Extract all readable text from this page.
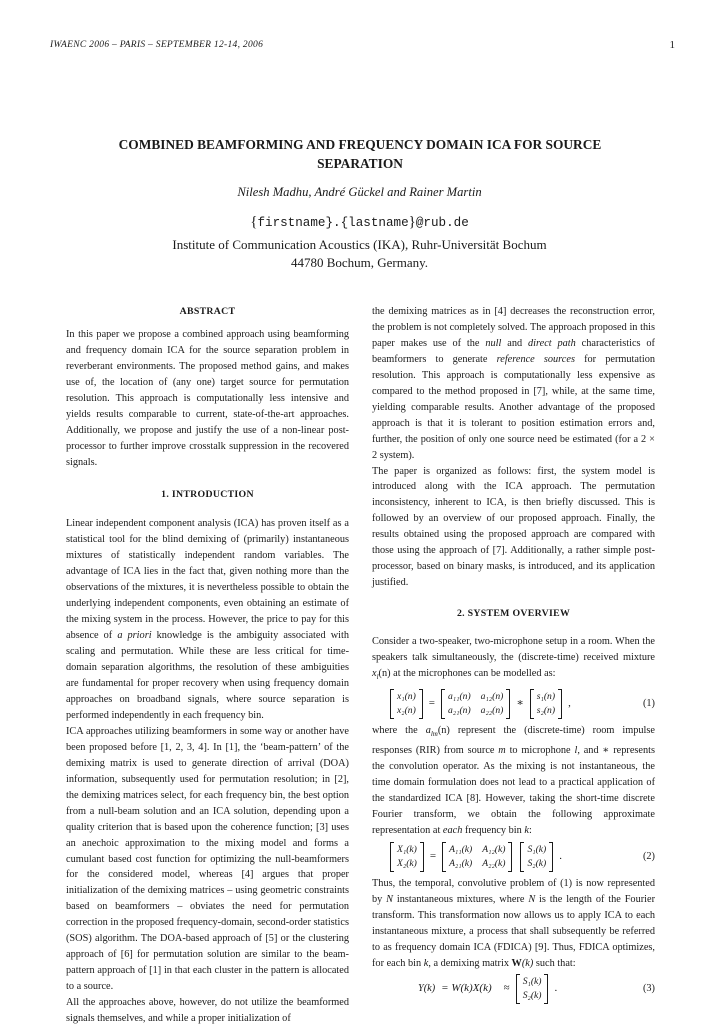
IWAENC 2006 – PARIS – SEPTEMBER 12-14, 2006	1
COMBINED BEAMFORMING AND FREQUENCY DOMAIN ICA FOR SOURCE
SEPARATION
Nilesh Madhu, André Gückel and Rainer Martin
{firstname}.{lastname}@rub.de
Institute of Communication Acoustics (IKA), Ruhr-Universität Bochum
44780 Bochum, Germany.

ABSTRACT

In this paper we propose a combined approach using beamforming and frequency domain ICA for the source separation problem in reverberant environments. The proposed method gains, and makes use of, the location of (any one) target source for permutation resolution. This approach is computationally less intensive and yields results comparable to current, state-of-the-art approaches. Additionally, we propose and justify the use of a non-linear post-processor to further improve crosstalk suppression in the recovered signals.

1. INTRODUCTION

Linear independent component analysis (ICA) has proven itself as a statistical tool for the blind demixing of (primarily) instantaneous mixtures of statistically independent random variables. The advantage of ICA lies in the fact that, given nothing more than the observations of the mixtures, it is nevertheless possible to obtain the underlying independent components, even obtaining an estimate of the mixing system in the process. However, the price to pay for this absence of a priori knowledge is the ambiguity associated with scaling and permutation. While these are less critical for time-domain separation algorithms, the resolution of these ambiguities are fundamental for proper recovery when using frequency domain approaches on broadband signals, where source separation is performed independently in each frequency bin.

ICA approaches utilizing beamformers in some way or another have been proposed before [1, 2, 3, 4]. In [1], the ‘beam-pattern’ of the demixing matrix is used to generate direction of arrival (DOA) information, subsequently used for permutation resolution; in [2], the demixing matrices select, for each frequency bin, the best option from a null-beam solution and an ICA solution, depending upon a quality criterion that is based upon the coherence function; [3] uses an anechoic approximation to the mixing model and forms a cumulant based cost function for optimizing the null-beamformers for the considered model, whereas [4] argues that proper initialization of the demixing matrices – using geometric constraints based on beamformers – obviates the need for permutation correction in the proposed frequency-domain, second-order statistics (SOS) algorithm. The DOA-based approach of [5] or the clustering approach of [6] for permutation solution are similar to the beam-pattern approach of [1] in that each cluster in the pattern is allocated to a source.

All the approaches above, however, do not utilize the beamformed signals themselves, and while a proper initialization of

the demixing matrices as in [4] decreases the reconstruction error, the problem is not completely solved. The approach proposed in this paper makes use of the null and direct path characteristics of beamformers to generate reference sources for permutation resolution. This approach is computationally less expensive as compared to the method proposed in [7], while, at the same time, yielding comparable results. Another advantage of the proposed approach is that it is tolerant to position estimation errors and, further, the position of only one source need be estimated (for a 2 × 2 system).

The paper is organized as follows: first, the system model is introduced along with the ICA approach. The permutation inconsistency, inherent to ICA, is then briefly discussed. This is followed by an overview of our proposed approach. Finally, the results obtained using the proposed approach are compared with those using the approach of [7]. Additionally, a rather simple post-processor, based on binary masks, is introduced, and its application justified.

2. SYSTEM OVERVIEW

Consider a two-speaker, two-microphone setup in a room. When the speakers talk simultaneously, the (discrete-time) received mixture $x_l(n)$ at the microphones can be modelled as:

x₁(n)
x₂(n)
=
a₁₁(n) a₁₂(n)
a₂₁(n) a₂₂(n)
∗
s₁(n)
s₂(n)
,	(1)

where the $a_{lm}(n)$ represent the (discrete-time) room impulse responses (RIR) from source m to microphone l, and ∗ represents the convolution operator. As the mixing is not instantaneous, the time domain formulation does not lead to a practical application of the standardized ICA [8]. However, taking the short-time discrete Fourier transform, we obtain the following approximate representation at each frequency bin k:

X₁(k)
X₂(k)
=
A₁₁(k) A₁₂(k)
A₂₁(k) A₂₂(k)
S₁(k)
S₂(k)
.	(2)

Thus, the temporal, convolutive problem of (1) is now represented by N instantaneous mixtures, where N is the length of the Fourier transform. This transformation now allows us to apply ICA to each instantaneous mixture, a process that shall subsequently be referred to as frequency domain ICA (FDICA) [9]. Thus, FDICA optimizes, for each bin k, a demixing matrix W(k) such that:

Y(k) = W(k)X(k) ≈
S₁(k)
S₂(k)
.	(3)
